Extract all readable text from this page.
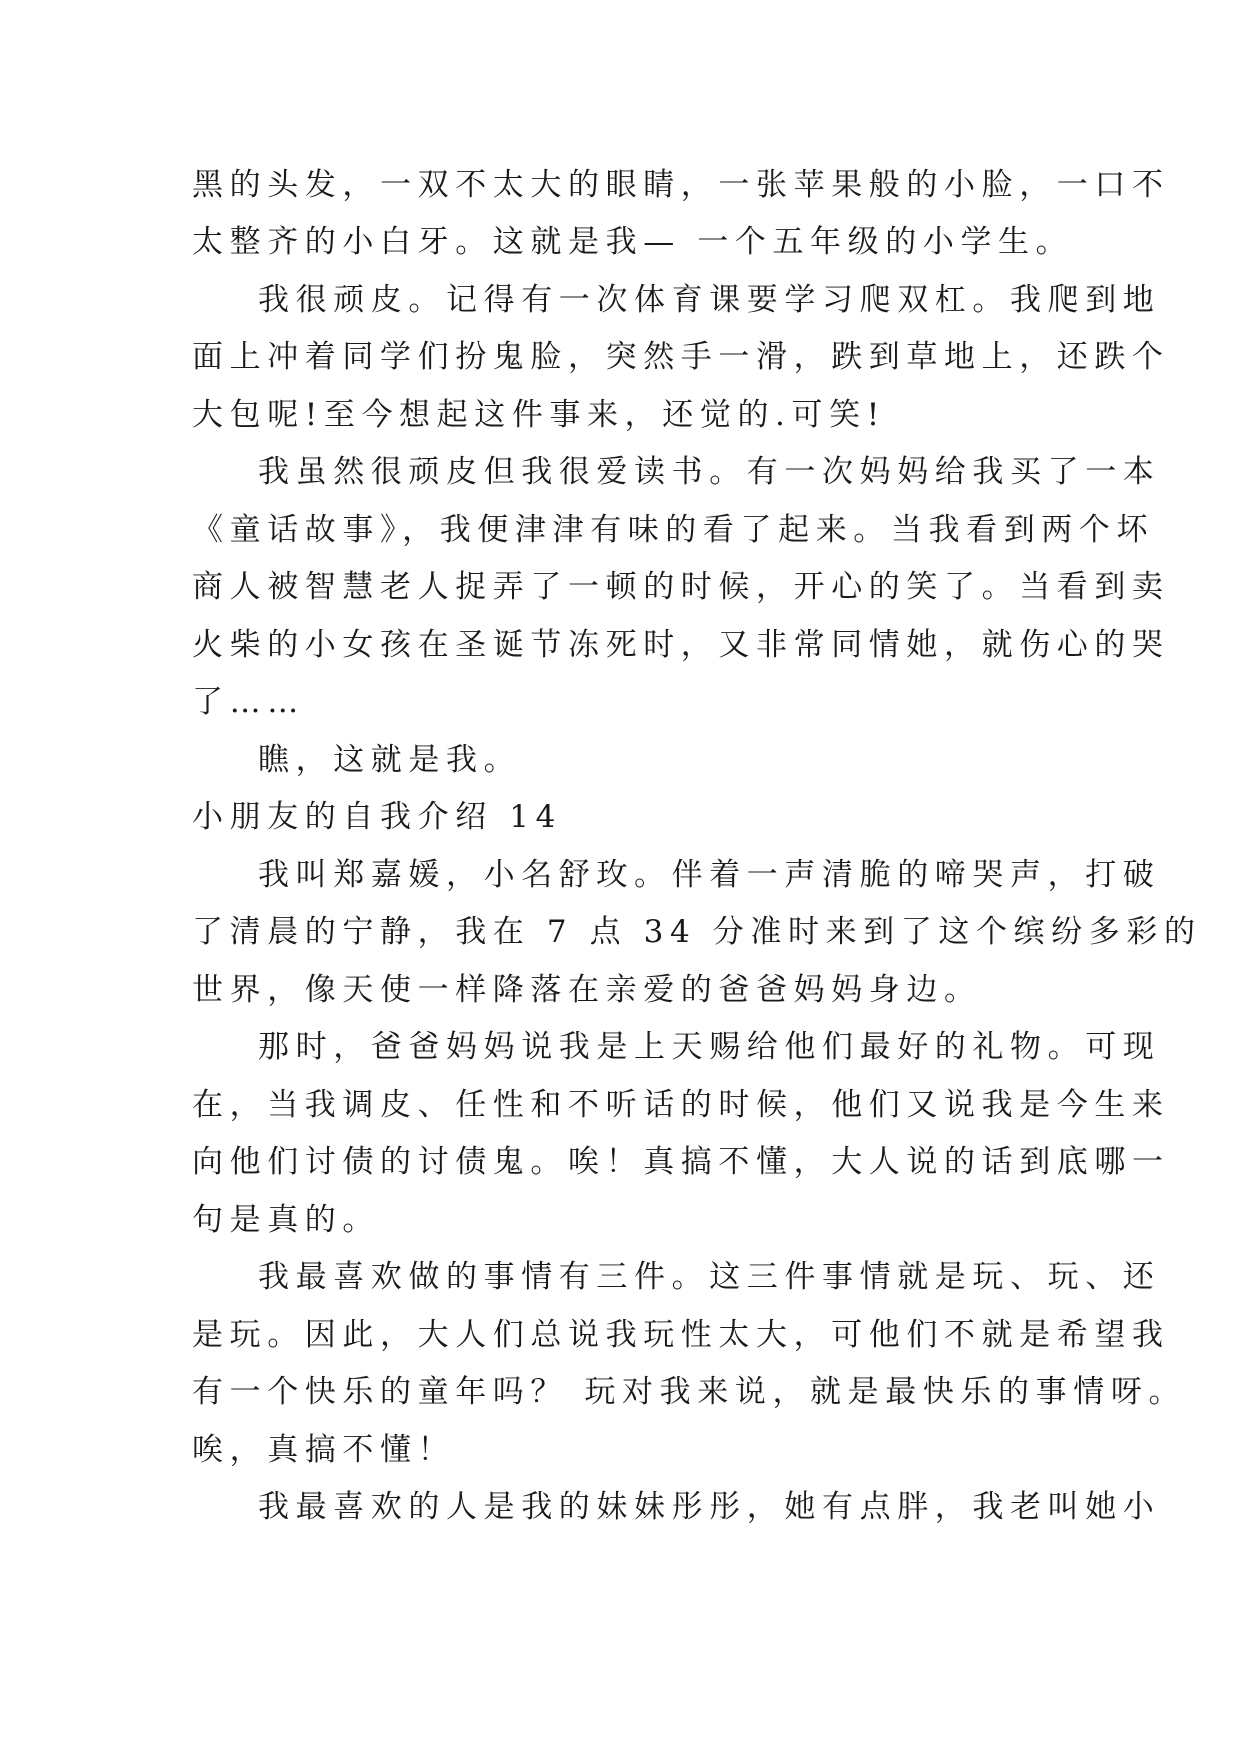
黑的头发，一双不太大的眼睛，一张苹果般的小脸，一口不
太整齐的小白牙。这就是我— 一个五年级的小学生。
我很顽皮。记得有一次体育课要学习爬双杠。我爬到地
面上冲着同学们扮鬼脸，突然手一滑，跌到草地上，还跌个
大包呢!至今想起这件事来，还觉的.可笑!
我虽然很顽皮但我很爱读书。有一次妈妈给我买了一本
《童话故事》，我便津津有味的看了起来。当我看到两个坏
商人被智慧老人捉弄了一顿的时候，开心的笑了。当看到卖
火柴的小女孩在圣诞节冻死时，又非常同情她，就伤心的哭
了……
瞧，这就是我。
小朋友的自我介绍 14
我叫郑嘉媛，小名舒玫。伴着一声清脆的啼哭声，打破
了清晨的宁静，我在 7 点 34 分准时来到了这个缤纷多彩的
世界，像天使一样降落在亲爱的爸爸妈妈身边。
那时，爸爸妈妈说我是上天赐给他们最好的礼物。可现
在，当我调皮、任性和不听话的时候，他们又说我是今生来
向他们讨债的讨债鬼。唉！真搞不懂，大人说的话到底哪一
句是真的。
我最喜欢做的事情有三件。这三件事情就是玩、玩、还
是玩。因此，大人们总说我玩性太大，可他们不就是希望我
有一个快乐的童年吗？ 玩对我来说，就是最快乐的事情呀。
唉，真搞不懂！
我最喜欢的人是我的妹妹彤彤，她有点胖，我老叫她小
